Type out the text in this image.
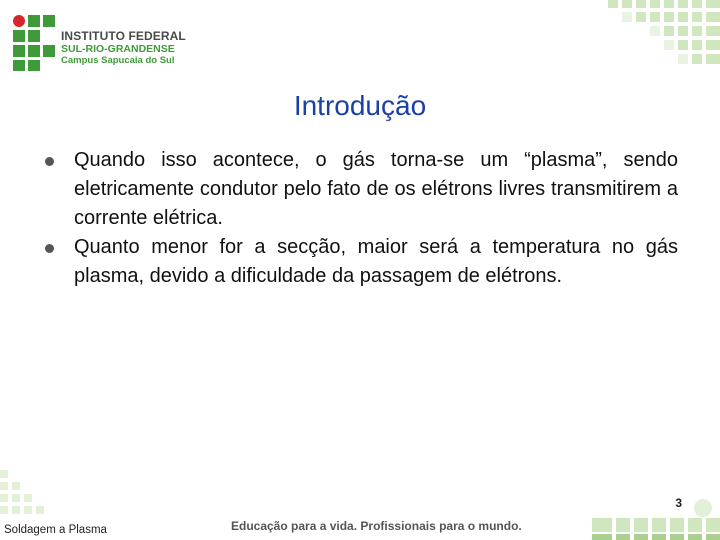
INSTITUTO FEDERAL
SUL-RIO-GRANDENSE
Campus Sapucaia do Sul
Introdução
Quando isso acontece, o gás torna-se um “plasma”, sendo eletricamente condutor pelo fato de os elétrons livres transmitirem a corrente elétrica.
Quanto menor for a secção, maior será a temperatura no gás plasma, devido a dificuldade da passagem de elétrons.
3
Soldagem a Plasma	Educação para a vida. Profissionais para o mundo.
